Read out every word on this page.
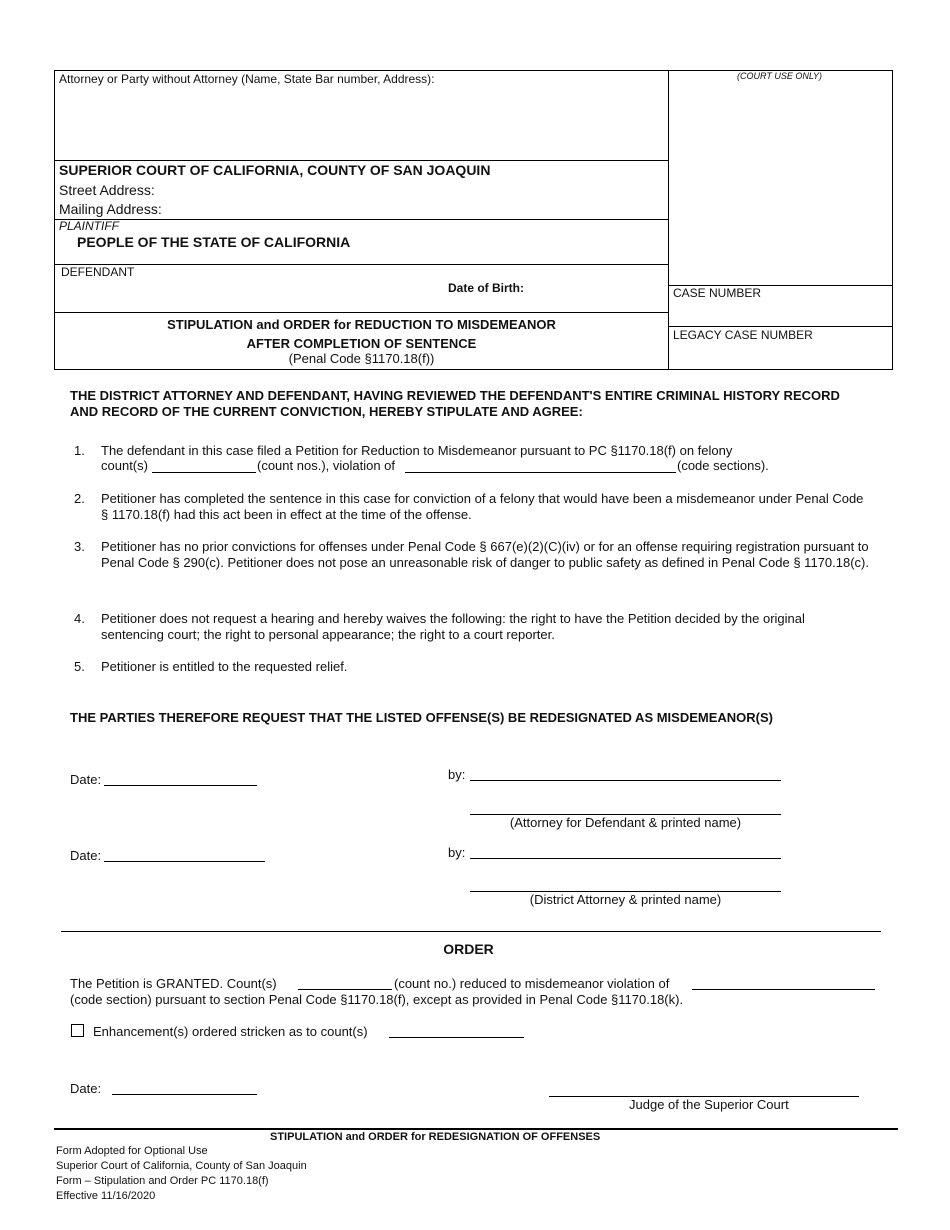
Attorney or Party without Attorney (Name, State Bar number, Address):	(COURT USE ONLY)
SUPERIOR COURT OF CALIFORNIA, COUNTY OF SAN JOAQUIN
Street Address:
Mailing Address:
PLAINTIFF
PEOPLE OF THE STATE OF CALIFORNIA
DEFENDANT
Date of Birth:	CASE NUMBER
LEGACY CASE NUMBER
STIPULATION and ORDER for REDUCTION TO MISDEMEANOR
AFTER COMPLETION OF SENTENCE
(Penal Code §1170.18(f))
THE DISTRICT ATTORNEY AND DEFENDANT, HAVING REVIEWED THE DEFENDANT'S ENTIRE CRIMINAL HISTORY RECORD AND RECORD OF THE CURRENT CONVICTION, HEREBY STIPULATE AND AGREE:
1. The defendant in this case filed a Petition for Reduction to Misdemeanor pursuant to PC §1170.18(f) on felony
count(s)	(count nos.), violation of	(code sections).
2. Petitioner has completed the sentence in this case for conviction of a felony that would have been a misdemeanor under Penal Code § 1170.18(f) had this act been in effect at the time of the offense.
3. Petitioner has no prior convictions for offenses under Penal Code § 667(e)(2)(C)(iv) or for an offense requiring registration pursuant to Penal Code § 290(c). Petitioner does not pose an unreasonable risk of danger to public safety as defined in Penal Code § 1170.18(c).
4. Petitioner does not request a hearing and hereby waives the following: the right to have the Petition decided by the original sentencing court; the right to personal appearance; the right to a court reporter.
5. Petitioner is entitled to the requested relief.
THE PARTIES THEREFORE REQUEST THAT THE LISTED OFFENSE(S) BE REDESIGNATED AS MISDEMEANOR(S)
Date:	by:
(Attorney for Defendant & printed name)
Date:	by:
(District Attorney & printed name)
ORDER
The Petition is GRANTED. Count(s)	(count no.) reduced to misdemeanor violation of
(code section) pursuant to section Penal Code §1170.18(f), except as provided in Penal Code §1170.18(k).
Enhancement(s) ordered stricken as to count(s)
Date:
Judge of the Superior Court
STIPULATION and ORDER for REDESIGNATION OF OFFENSES
Form Adopted for Optional Use
Superior Court of California, County of San Joaquin
Form – Stipulation and Order PC 1170.18(f)
Effective 11/16/2020
